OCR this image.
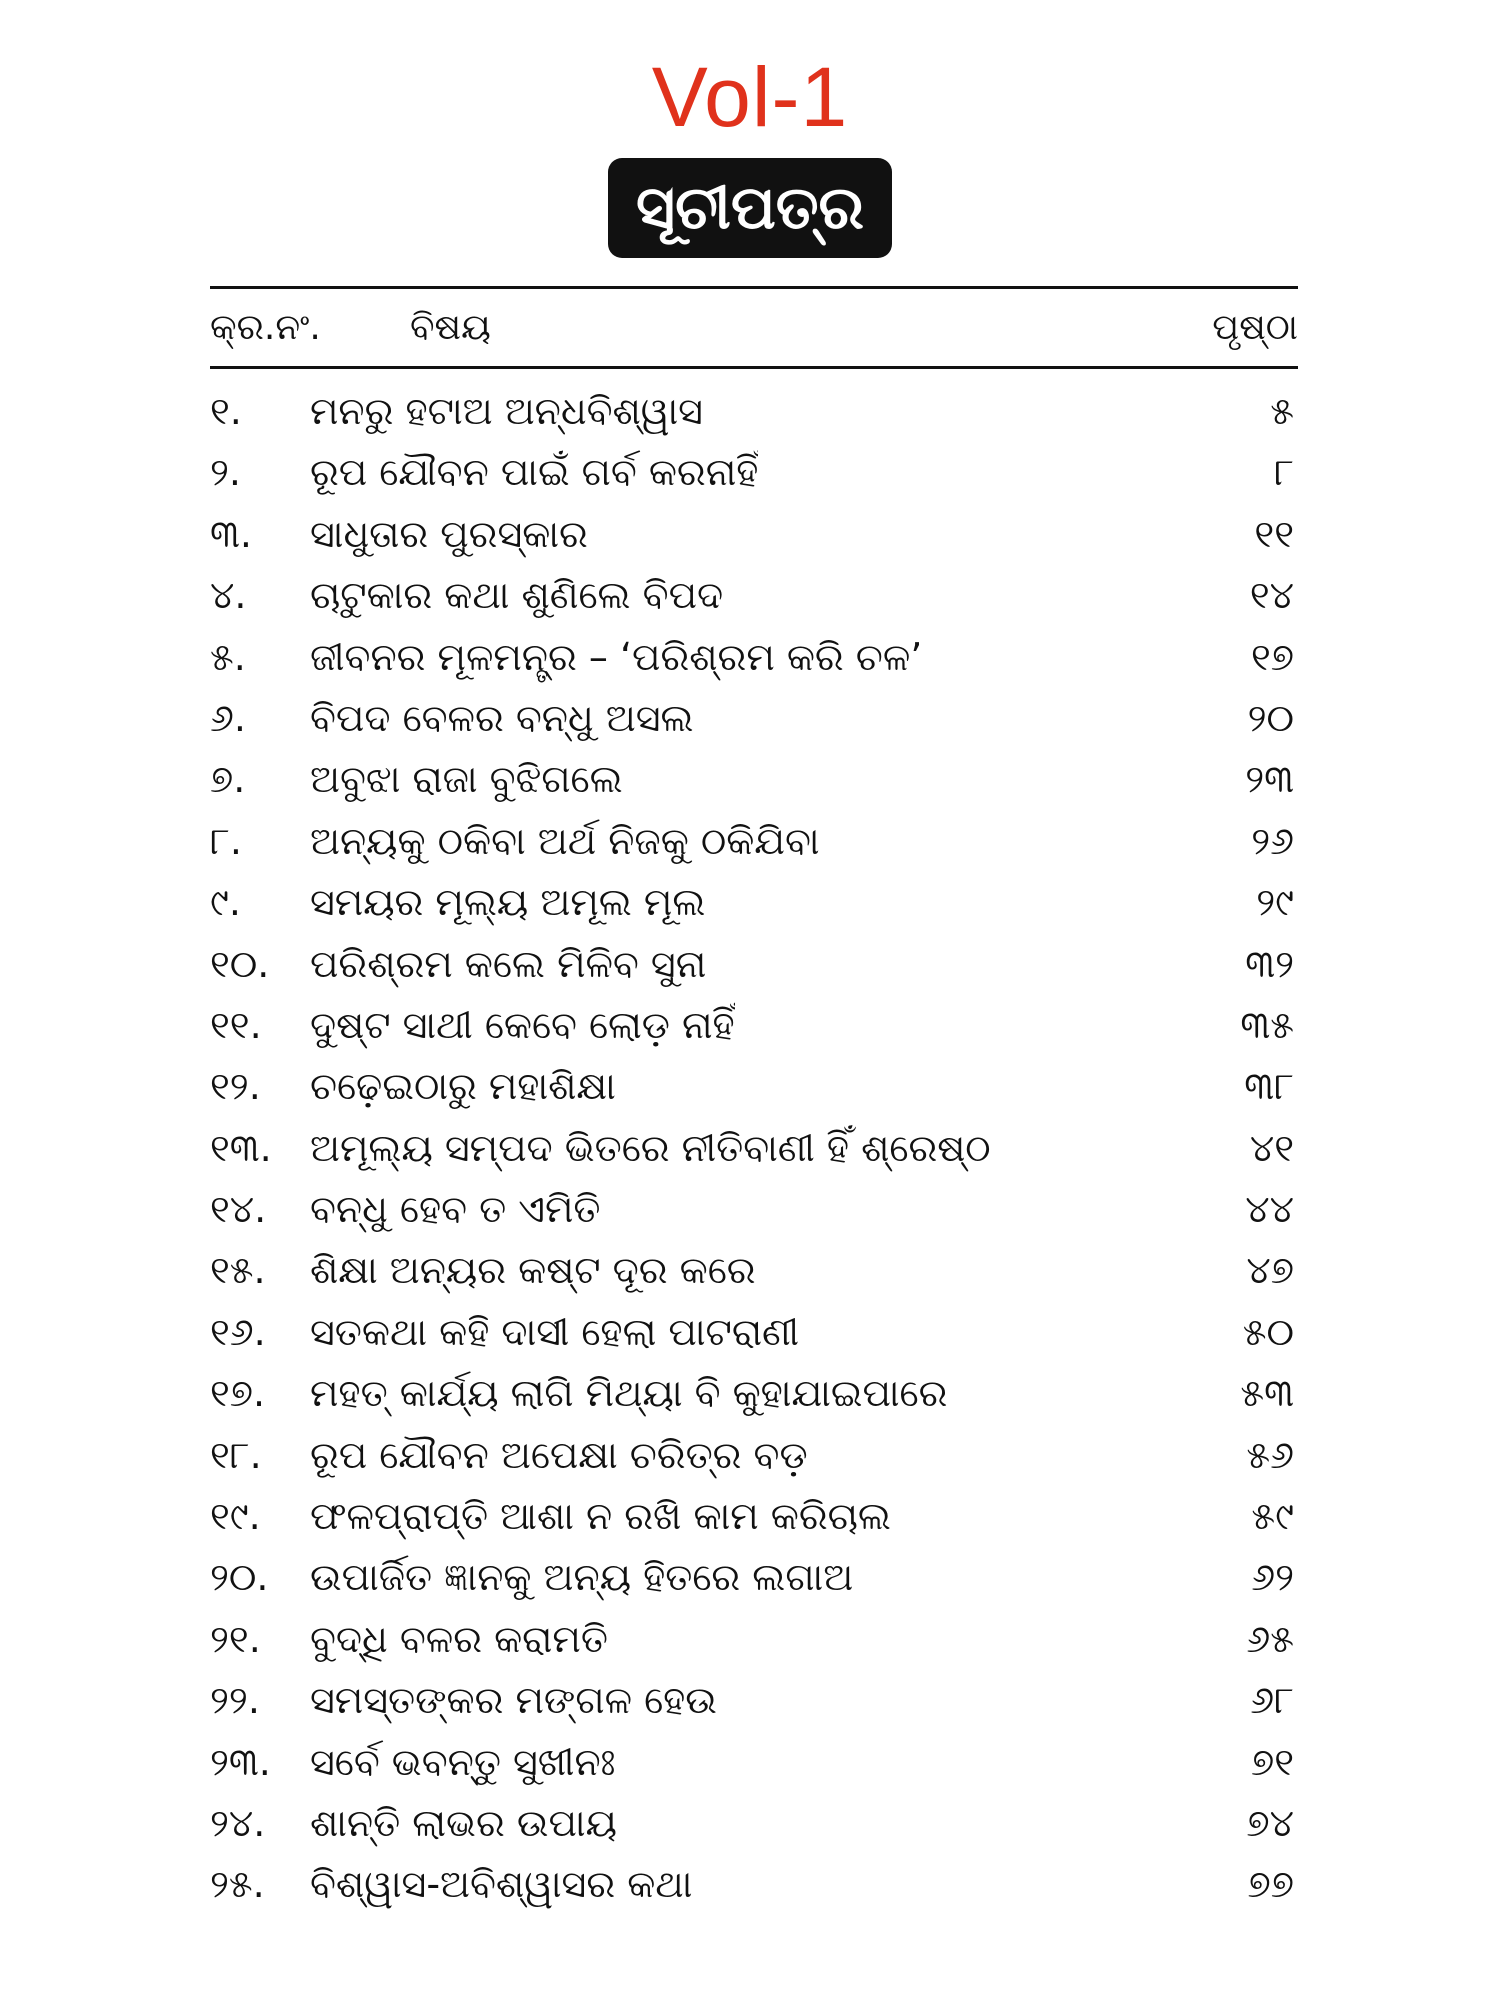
Vol-1
ସୂଚୀପତ୍ର
କ୍ର.ନଂ. ବିଷୟ	ପୃଷ୍ଠା
୧.	ମନରୁ ହଟାଅ ଅନ୍ଧବିଶ୍ୱାସ	୫
୨.	ରୂପ ଯୌବନ ପାଇଁ ଗର୍ବ କରନାହିଁ	୮
୩.	ସାଧୁତାର ପୁରସ୍କାର	୧୧
୪.	ଚାଟୁକାର କଥା ଶୁଣିଲେ ବିପଦ	୧୪
୫.	ଜୀବନର ମୂଳମନ୍ତ୍ର – ‘ପରିଶ୍ରମ କରି ଚଳ’	୧୭
୬.	ବିପଦ ବେଳର ବନ୍ଧୁ ଅସଲ	୨୦
୭.	ଅବୁଝା ରାଜା ବୁଝିଗଲେ	୨୩
୮.	ଅନ୍ୟକୁ ଠକିବା ଅର୍ଥ ନିଜକୁ ଠକିଯିବା	୨୬
୯.	ସମୟର ମୂଲ୍ୟ ଅମୂଲ ମୂଲ	୨୯
୧୦.	ପରିଶ୍ରମ କଲେ ମିଳିବ ସୁନା	୩୨
୧୧.	ଦୁଷ୍ଟ ସାଥୀ କେବେ ଲୋଡ଼ ନାହିଁ	୩୫
୧୨.	ଚଢ଼େଇଠାରୁ ମହାଶିକ୍ଷା	୩୮
୧୩.	ଅମୂଲ୍ୟ ସମ୍ପଦ ଭିତରେ ନୀତିବାଣୀ ହିଁ ଶ୍ରେଷ୍ଠ	୪୧
୧୪.	ବନ୍ଧୁ ହେବ ତ ଏମିତି	୪୪
୧୫.	ଶିକ୍ଷା ଅନ୍ୟର କଷ୍ଟ ଦୂର କରେ	୪୭
୧୬.	ସତକଥା କହି ଦାସୀ ହେଲା ପାଟରାଣୀ	୫୦
୧୭.	ମହତ୍ କାର୍ଯ୍ୟ ଲାଗି ମିଥ୍ୟା ବି କୁହାଯାଇପାରେ	୫୩
୧୮.	ରୂପ ଯୌବନ ଅପେକ୍ଷା ଚରିତ୍ର ବଡ଼	୫୬
୧୯.	ଫଳପ୍ରାପ୍ତି ଆଶା ନ ରଖି କାମ କରିଚାଲ	୫୯
୨୦.	ଉପାର୍ଜିତ ଜ୍ଞାନକୁ ଅନ୍ୟ ହିତରେ ଲଗାଅ	୬୨
୨୧.	ବୁଦ୍ଧି ବଳର କରାମତି	୬୫
୨୨.	ସମସ୍ତଙ୍କର ମଙ୍ଗଳ ହେଉ	୬୮
୨୩.	ସର୍ବେ ଭବନ୍ତୁ ସୁଖୀନଃ	୭୧
୨୪.	ଶାନ୍ତି ଲାଭର ଉପାୟ	୭୪
୨୫.	ବିଶ୍ୱାସ-ଅବିଶ୍ୱାସର କଥା	୭୭
